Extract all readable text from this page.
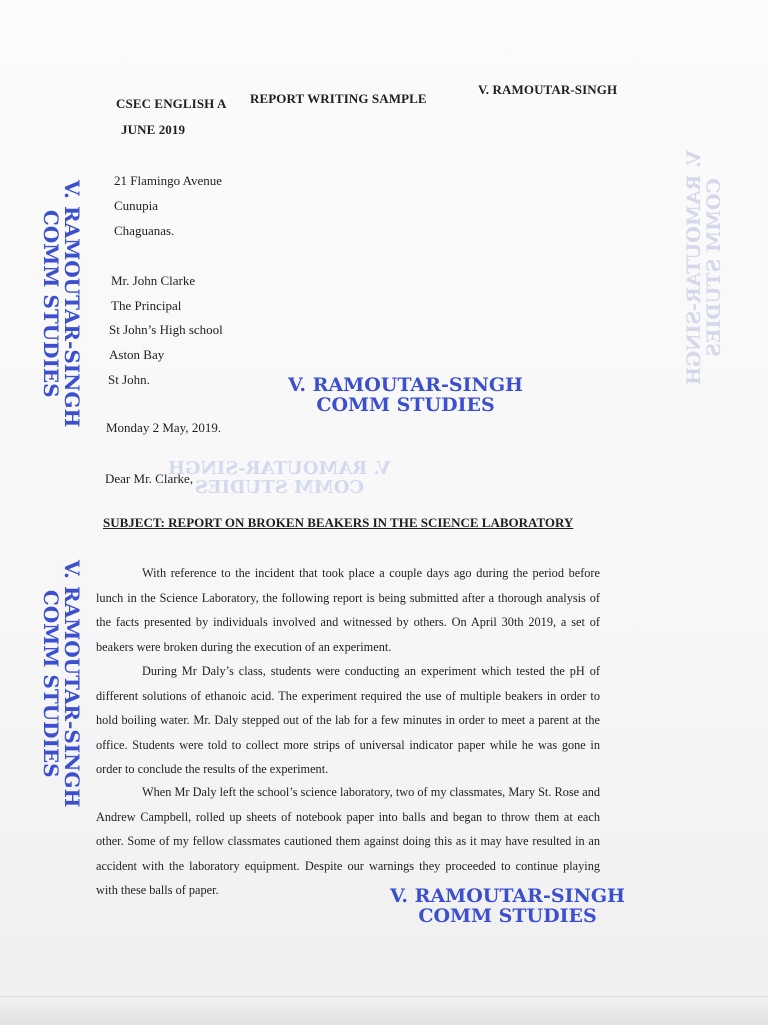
CSEC ENGLISH A REPORT WRITING SAMPLE
V. RAMOUTAR-SINGH
JUNE 2019
21 Flamingo Avenue
Cunupia
Chaguanas.
Mr. John Clarke
The Principal
St John’s High school
Aston Bay
St John.
Monday 2 May, 2019.
Dear Mr. Clarke,
SUBJECT: REPORT ON BROKEN BEAKERS IN THE SCIENCE LABORATORY
With reference to the incident that took place a couple days ago during the period before lunch in the Science Laboratory, the following report is being submitted after a thorough analysis of the facts presented by individuals involved and witnessed by others. On April 30th 2019, a set of beakers were broken during the execution of an experiment.
During Mr Daly’s class, students were conducting an experiment which tested the pH of different solutions of ethanoic acid. The experiment required the use of multiple beakers in order to hold boiling water. Mr. Daly stepped out of the lab for a few minutes in order to meet a parent at the office. Students were told to collect more strips of universal indicator paper while he was gone in order to conclude the results of the experiment.
When Mr Daly left the school’s science laboratory, two of my classmates, Mary St. Rose and Andrew Campbell, rolled up sheets of notebook paper into balls and began to throw them at each other. Some of my fellow classmates cautioned them against doing this as it may have resulted in an accident with the laboratory equipment. Despite our warnings they proceeded to continue playing with these balls of paper.
V. RAMOUTAR-SINGH
COMM STUDIES
V. RAMOUTAR-SINGH
COMM STUDIES
V. RAMOUTAR-SINGH
COMM STUDIES
V. RAMOUTAR-SINGH
COMM STUDIES
V. RAMOUTAR-SINGH
COMM STUDIES
V. RAMOUTAR-SINGH
COMM STUDIES
